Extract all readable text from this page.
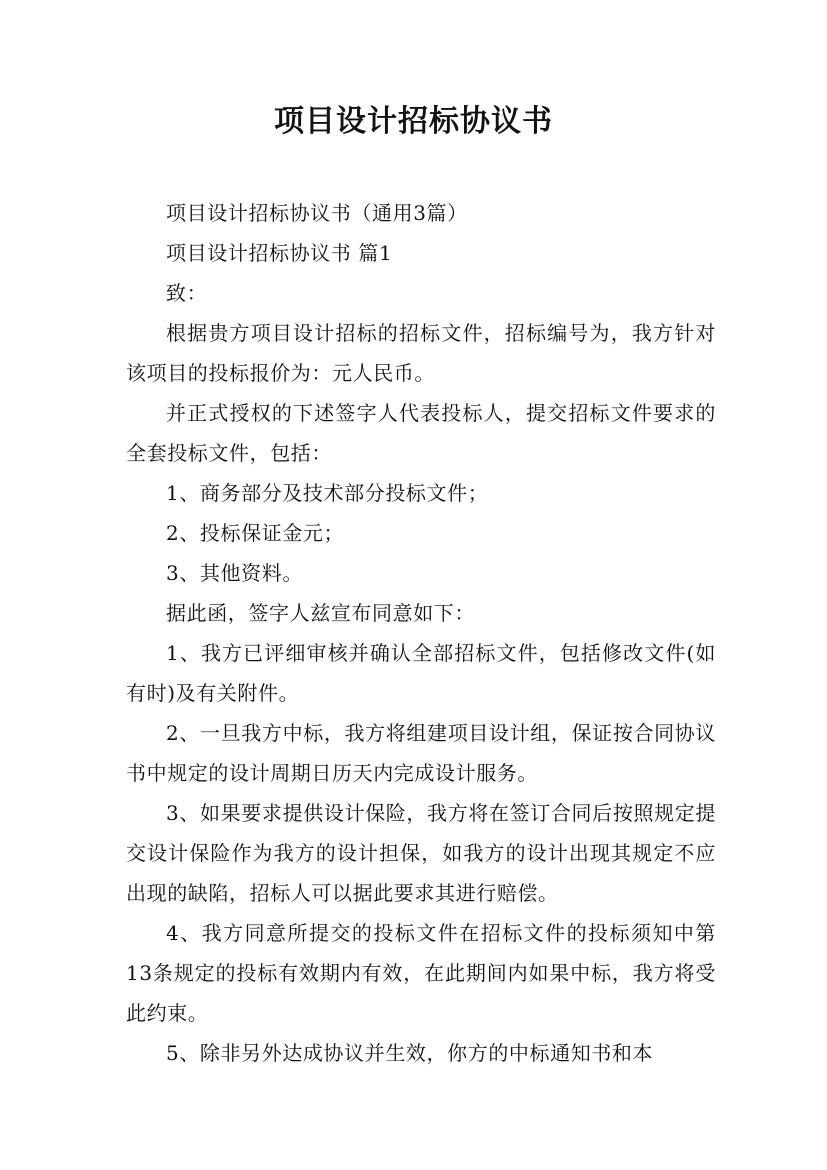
项目设计招标协议书

项目设计招标协议书（通用3篇）

项目设计招标协议书 篇1

致：

根据贵方项目设计招标的招标文件，招标编号为，我方针对该项目的投标报价为：元人民币。

并正式授权的下述签字人代表投标人，提交招标文件要求的全套投标文件，包括：

1、商务部分及技术部分投标文件；

2、投标保证金元；

3、其他资料。

据此函，签字人兹宣布同意如下：

1、我方已评细审核并确认全部招标文件，包括修改文件(如有时)及有关附件。

2、一旦我方中标，我方将组建项目设计组，保证按合同协议书中规定的设计周期日历天内完成设计服务。

3、如果要求提供设计保险，我方将在签订合同后按照规定提交设计保险作为我方的设计担保，如我方的设计出现其规定不应出现的缺陷，招标人可以据此要求其进行赔偿。

4、我方同意所提交的投标文件在招标文件的投标须知中第13条规定的投标有效期内有效，在此期间内如果中标，我方将受此约束。

5、除非另外达成协议并生效，你方的中标通知书和本
